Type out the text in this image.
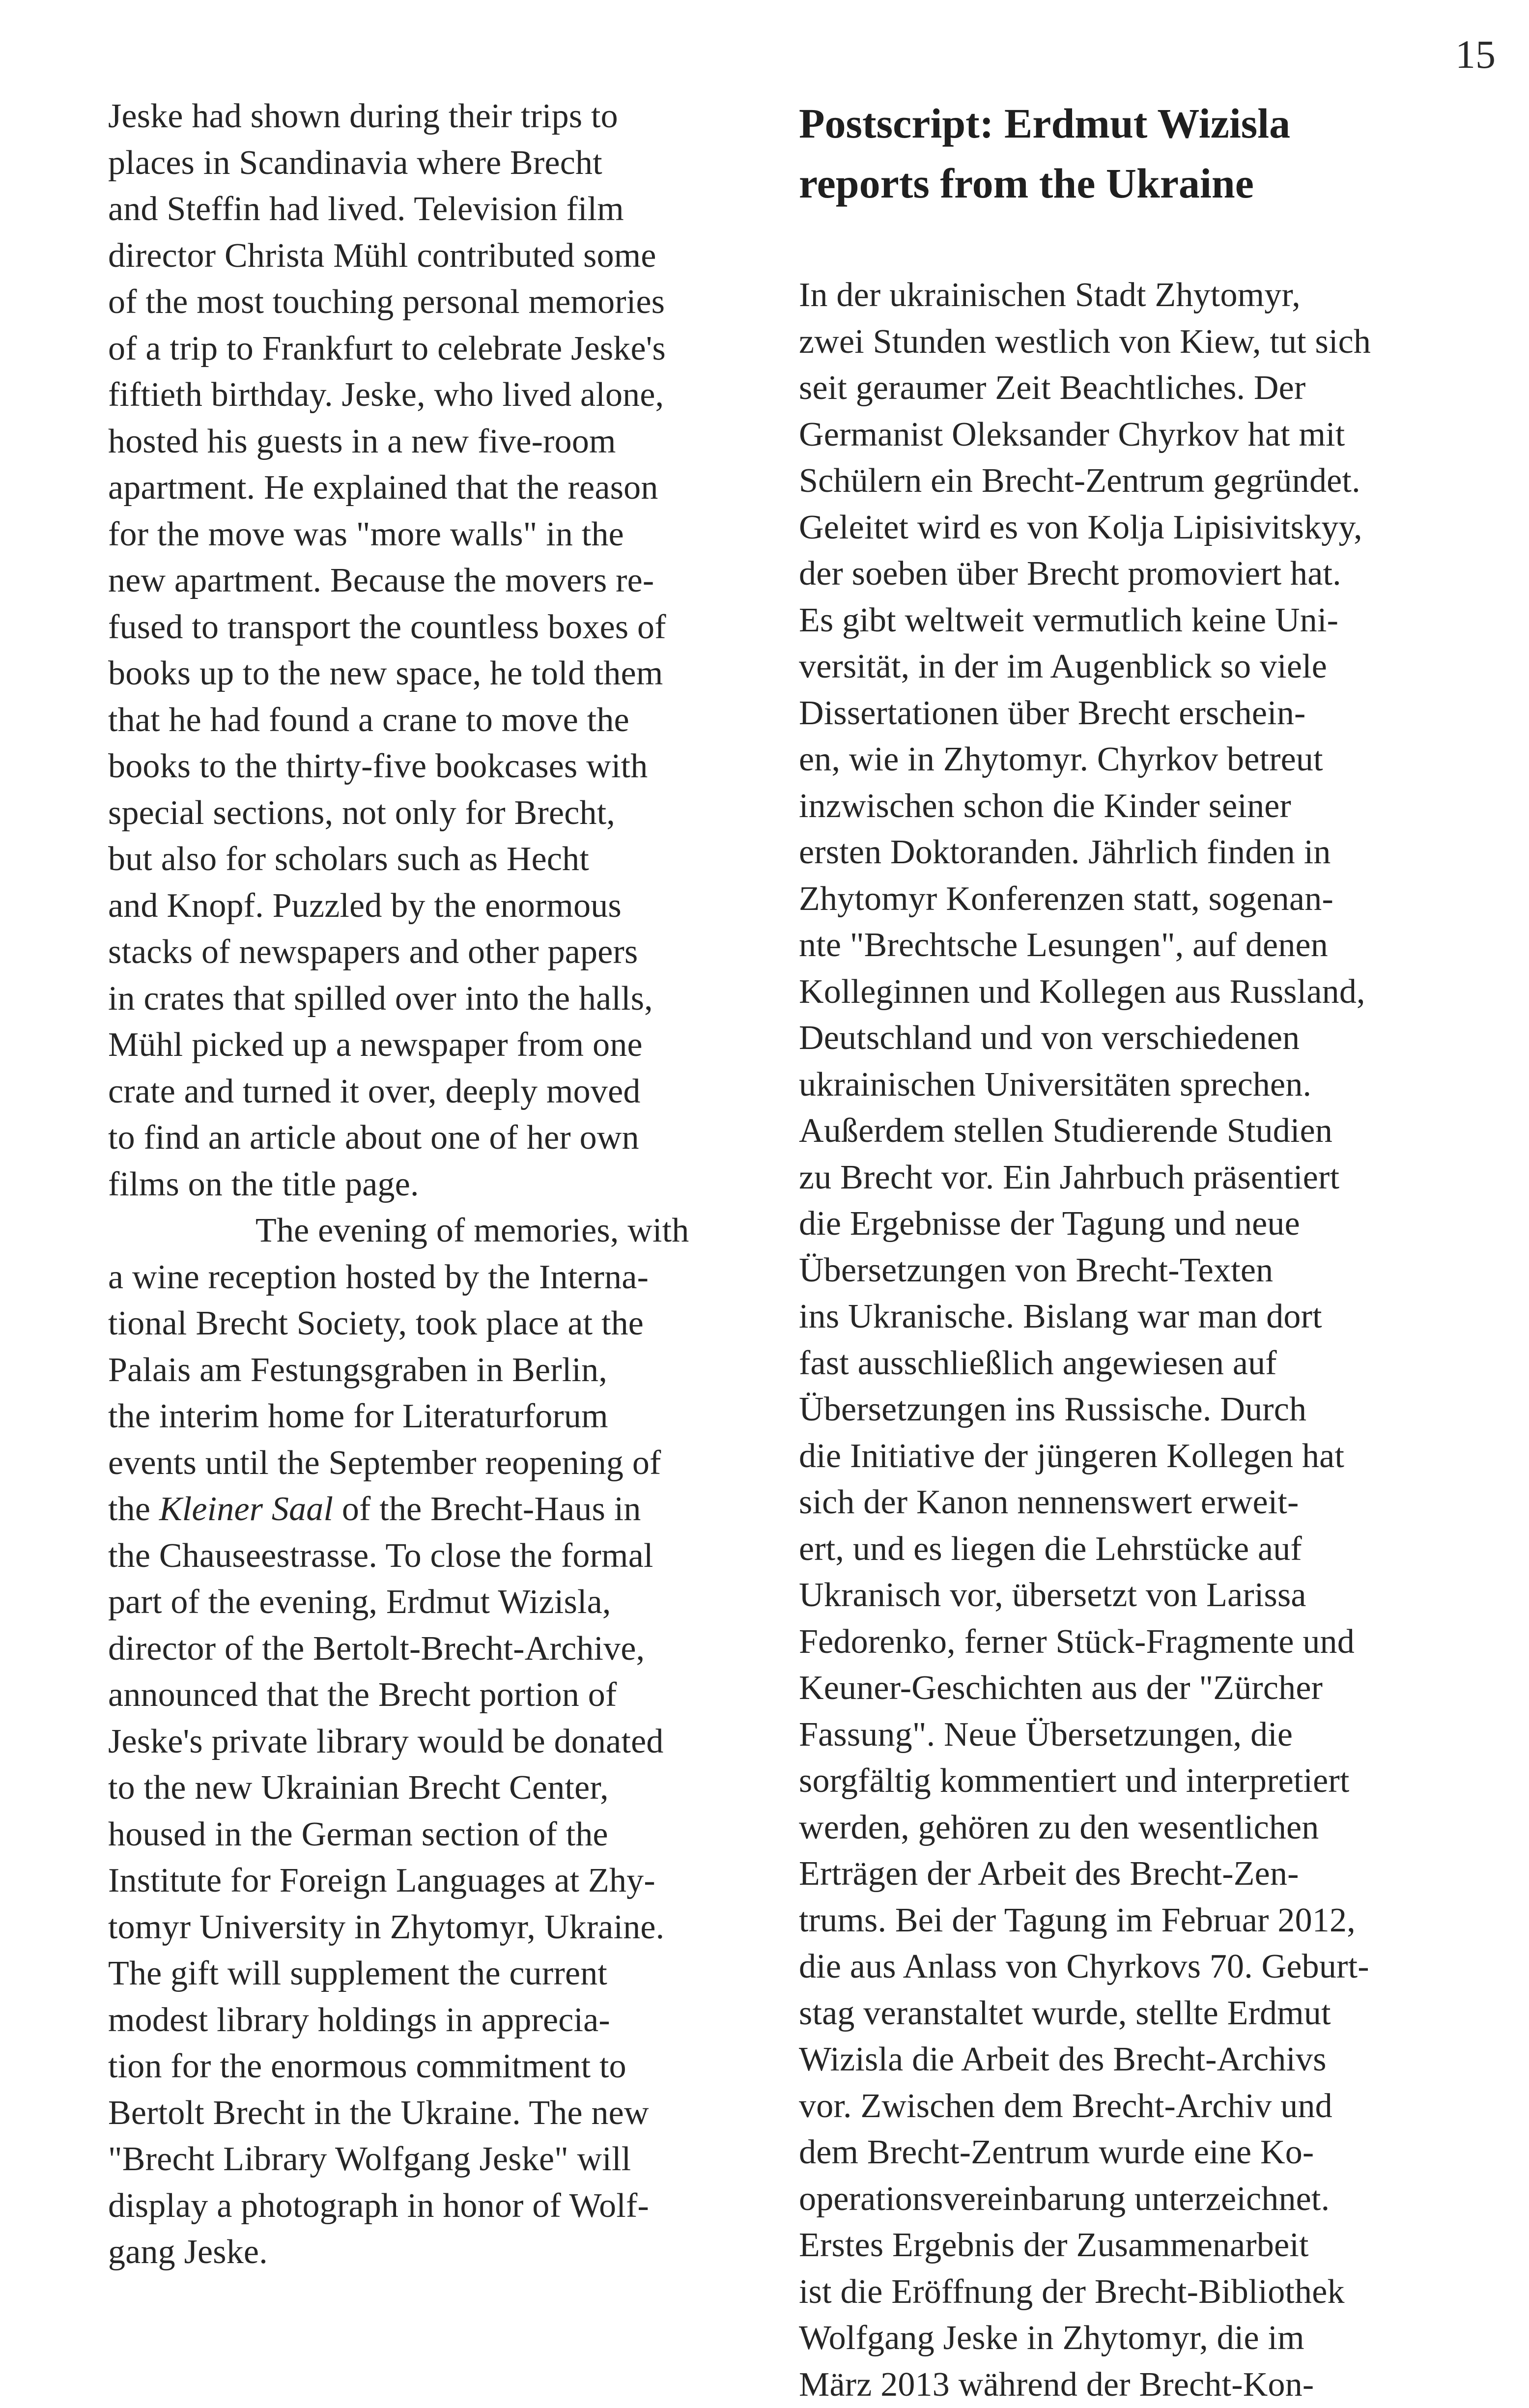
15
Jeske had shown during their trips to
places in Scandinavia where Brecht
and Steffin had lived. Television film
director Christa Mühl contributed some
of the most touching personal memories
of a trip to Frankfurt to celebrate Jeske's
fiftieth birthday. Jeske, who lived alone,
hosted his guests in a new five-room
apartment. He explained that the reason
for the move was "more walls" in the
new apartment. Because the movers re-
fused to transport the countless boxes of
books up to the new space, he told them
that he had found a crane to move the
books to the thirty-five bookcases with
special sections, not only for Brecht,
but also for scholars such as Hecht
and Knopf. Puzzled by the enormous
stacks of newspapers and other papers
in crates that spilled over into the halls,
Mühl picked up a newspaper from one
crate and turned it over, deeply moved
to find an article about one of her own
films on the title page.
The evening of memories, with
a wine reception hosted by the Interna-
tional Brecht Society, took place at the
Palais am Festungsgraben in Berlin,
the interim home for Literaturforum
events until the September reopening of
the Kleiner Saal of the Brecht-Haus in
the Chauseestrasse. To close the formal
part of the evening, Erdmut Wizisla,
director of the Bertolt-Brecht-Archive,
announced that the Brecht portion of
Jeske's private library would be donated
to the new Ukrainian Brecht Center,
housed in the German section of the
Institute for Foreign Languages at Zhy-
tomyr University in Zhytomyr, Ukraine.
The gift will supplement the current
modest library holdings in apprecia-
tion for the enormous commitment to
Bertolt Brecht in the Ukraine. The new
"Brecht Library Wolfgang Jeske" will
display a photograph in honor of Wolf-
gang Jeske.
Postscript: Erdmut Wizisla
reports from the Ukraine
In der ukrainischen Stadt Zhytomyr,
zwei Stunden westlich von Kiew, tut sich
seit geraumer Zeit Beachtliches. Der
Germanist Oleksander Chyrkov hat mit
Schülern ein Brecht-Zentrum gegründet.
Geleitet wird es von Kolja Lipisivitskyy,
der soeben über Brecht promoviert hat.
Es gibt weltweit vermutlich keine Uni-
versität, in der im Augenblick so viele
Dissertationen über Brecht erschein-
en, wie in Zhytomyr. Chyrkov betreut
inzwischen schon die Kinder seiner
ersten Doktoranden. Jährlich finden in
Zhytomyr Konferenzen statt, sogenan-
nte "Brechtsche Lesungen", auf denen
Kolleginnen und Kollegen aus Russland,
Deutschland und von verschiedenen
ukrainischen Universitäten sprechen.
Außerdem stellen Studierende Studien
zu Brecht vor. Ein Jahrbuch präsentiert
die Ergebnisse der Tagung und neue
Übersetzungen von Brecht-Texten
ins Ukranische. Bislang war man dort
fast ausschließlich angewiesen auf
Übersetzungen ins Russische. Durch
die Initiative der jüngeren Kollegen hat
sich der Kanon nennenswert erweit-
ert, und es liegen die Lehrstücke auf
Ukranisch vor, übersetzt von Larissa
Fedorenko, ferner Stück-Fragmente und
Keuner-Geschichten aus der "Zürcher
Fassung". Neue Übersetzungen, die
sorgfältig kommentiert und interpretiert
werden, gehören zu den wesentlichen
Erträgen der Arbeit des Brecht-Zen-
trums. Bei der Tagung im Februar 2012,
die aus Anlass von Chyrkovs 70. Geburt-
stag veranstaltet wurde, stellte Erdmut
Wizisla die Arbeit des Brecht-Archivs
vor. Zwischen dem Brecht-Archiv und
dem Brecht-Zentrum wurde eine Ko-
operationsvereinbarung unterzeichnet.
Erstes Ergebnis der Zusammenarbeit
ist die Eröffnung der Brecht-Bibliothek
Wolfgang Jeske in Zhytomyr, die im
März 2013 während der Brecht-Kon-
